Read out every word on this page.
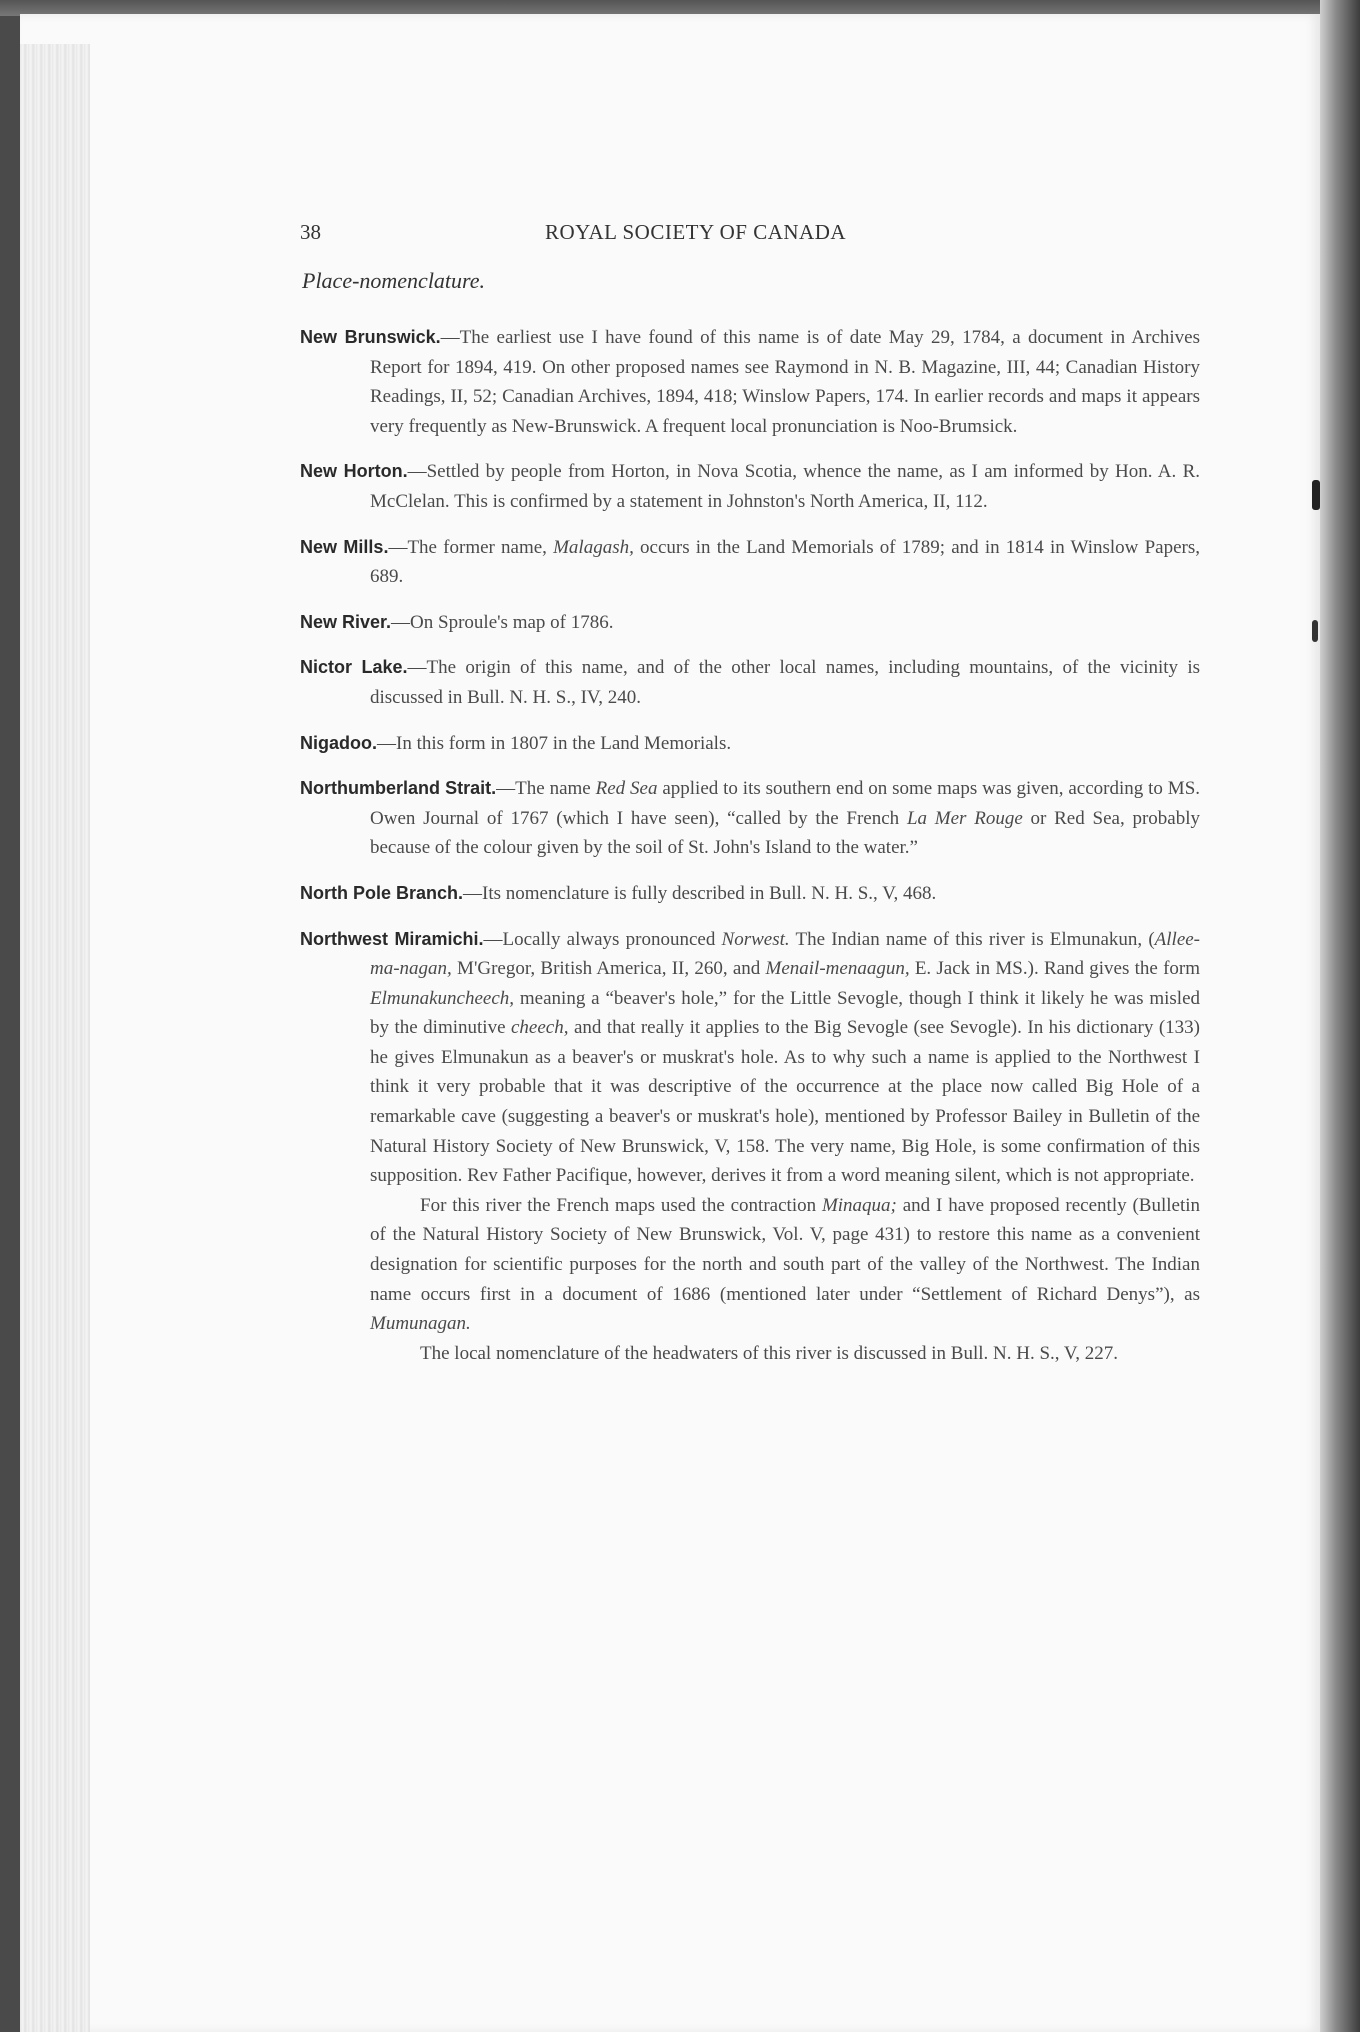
38	ROYAL SOCIETY OF CANADA
Place-nomenclature.

New Brunswick.—The earliest use I have found of this name is of date May 29, 1784, a document in Archives Report for 1894, 419. On other proposed names see Raymond in N. B. Magazine, III, 44; Canadian History Readings, II, 52; Canadian Archives, 1894, 418; Winslow Papers, 174. In earlier records and maps it appears very frequently as New-Brunswick. A frequent local pronunciation is Noo-Brumsick.

New Horton.—Settled by people from Horton, in Nova Scotia, whence the name, as I am informed by Hon. A. R. McClelan. This is confirmed by a statement in Johnston's North America, II, 112.

New Mills.—The former name, Malagash, occurs in the Land Memorials of 1789; and in 1814 in Winslow Papers, 689.

New River.—On Sproule's map of 1786.

Nictor Lake.—The origin of this name, and of the other local names, including mountains, of the vicinity is discussed in Bull. N. H. S., IV, 240.

Nigadoo.—In this form in 1807 in the Land Memorials.

Northumberland Strait.—The name Red Sea applied to its southern end on some maps was given, according to MS. Owen Journal of 1767 (which I have seen), “called by the French La Mer Rouge or Red Sea, probably because of the colour given by the soil of St. John's Island to the water.”

North Pole Branch.—Its nomenclature is fully described in Bull. N. H. S., V, 468.

Northwest Miramichi.—Locally always pronounced Norwest. The Indian name of this river is Elmunakun, (Allee-ma-nagan, M'Gregor, British America, II, 260, and Menail-menaagun, E. Jack in MS.). Rand gives the form Elmunakuncheech, meaning a “beaver's hole,” for the Little Sevogle, though I think it likely he was misled by the diminutive cheech, and that really it applies to the Big Sevogle (see Sevogle). In his dictionary (133) he gives Elmunakun as a beaver's or muskrat's hole. As to why such a name is applied to the Northwest I think it very probable that it was descriptive of the occurrence at the place now called Big Hole of a remarkable cave (suggesting a beaver's or muskrat's hole), mentioned by Professor Bailey in Bulletin of the Natural History Society of New Brunswick, V, 158. The very name, Big Hole, is some confirmation of this supposition. Rev Father Pacifique, however, derives it from a word meaning silent, which is not appropriate.

For this river the French maps used the contraction Minaqua; and I have proposed recently (Bulletin of the Natural History Society of New Brunswick, Vol. V, page 431) to restore this name as a convenient designation for scientific purposes for the north and south part of the valley of the Northwest. The Indian name occurs first in a document of 1686 (mentioned later under “Settlement of Richard Denys”), as Mumunagan.

The local nomenclature of the headwaters of this river is discussed in Bull. N. H. S., V, 227.
